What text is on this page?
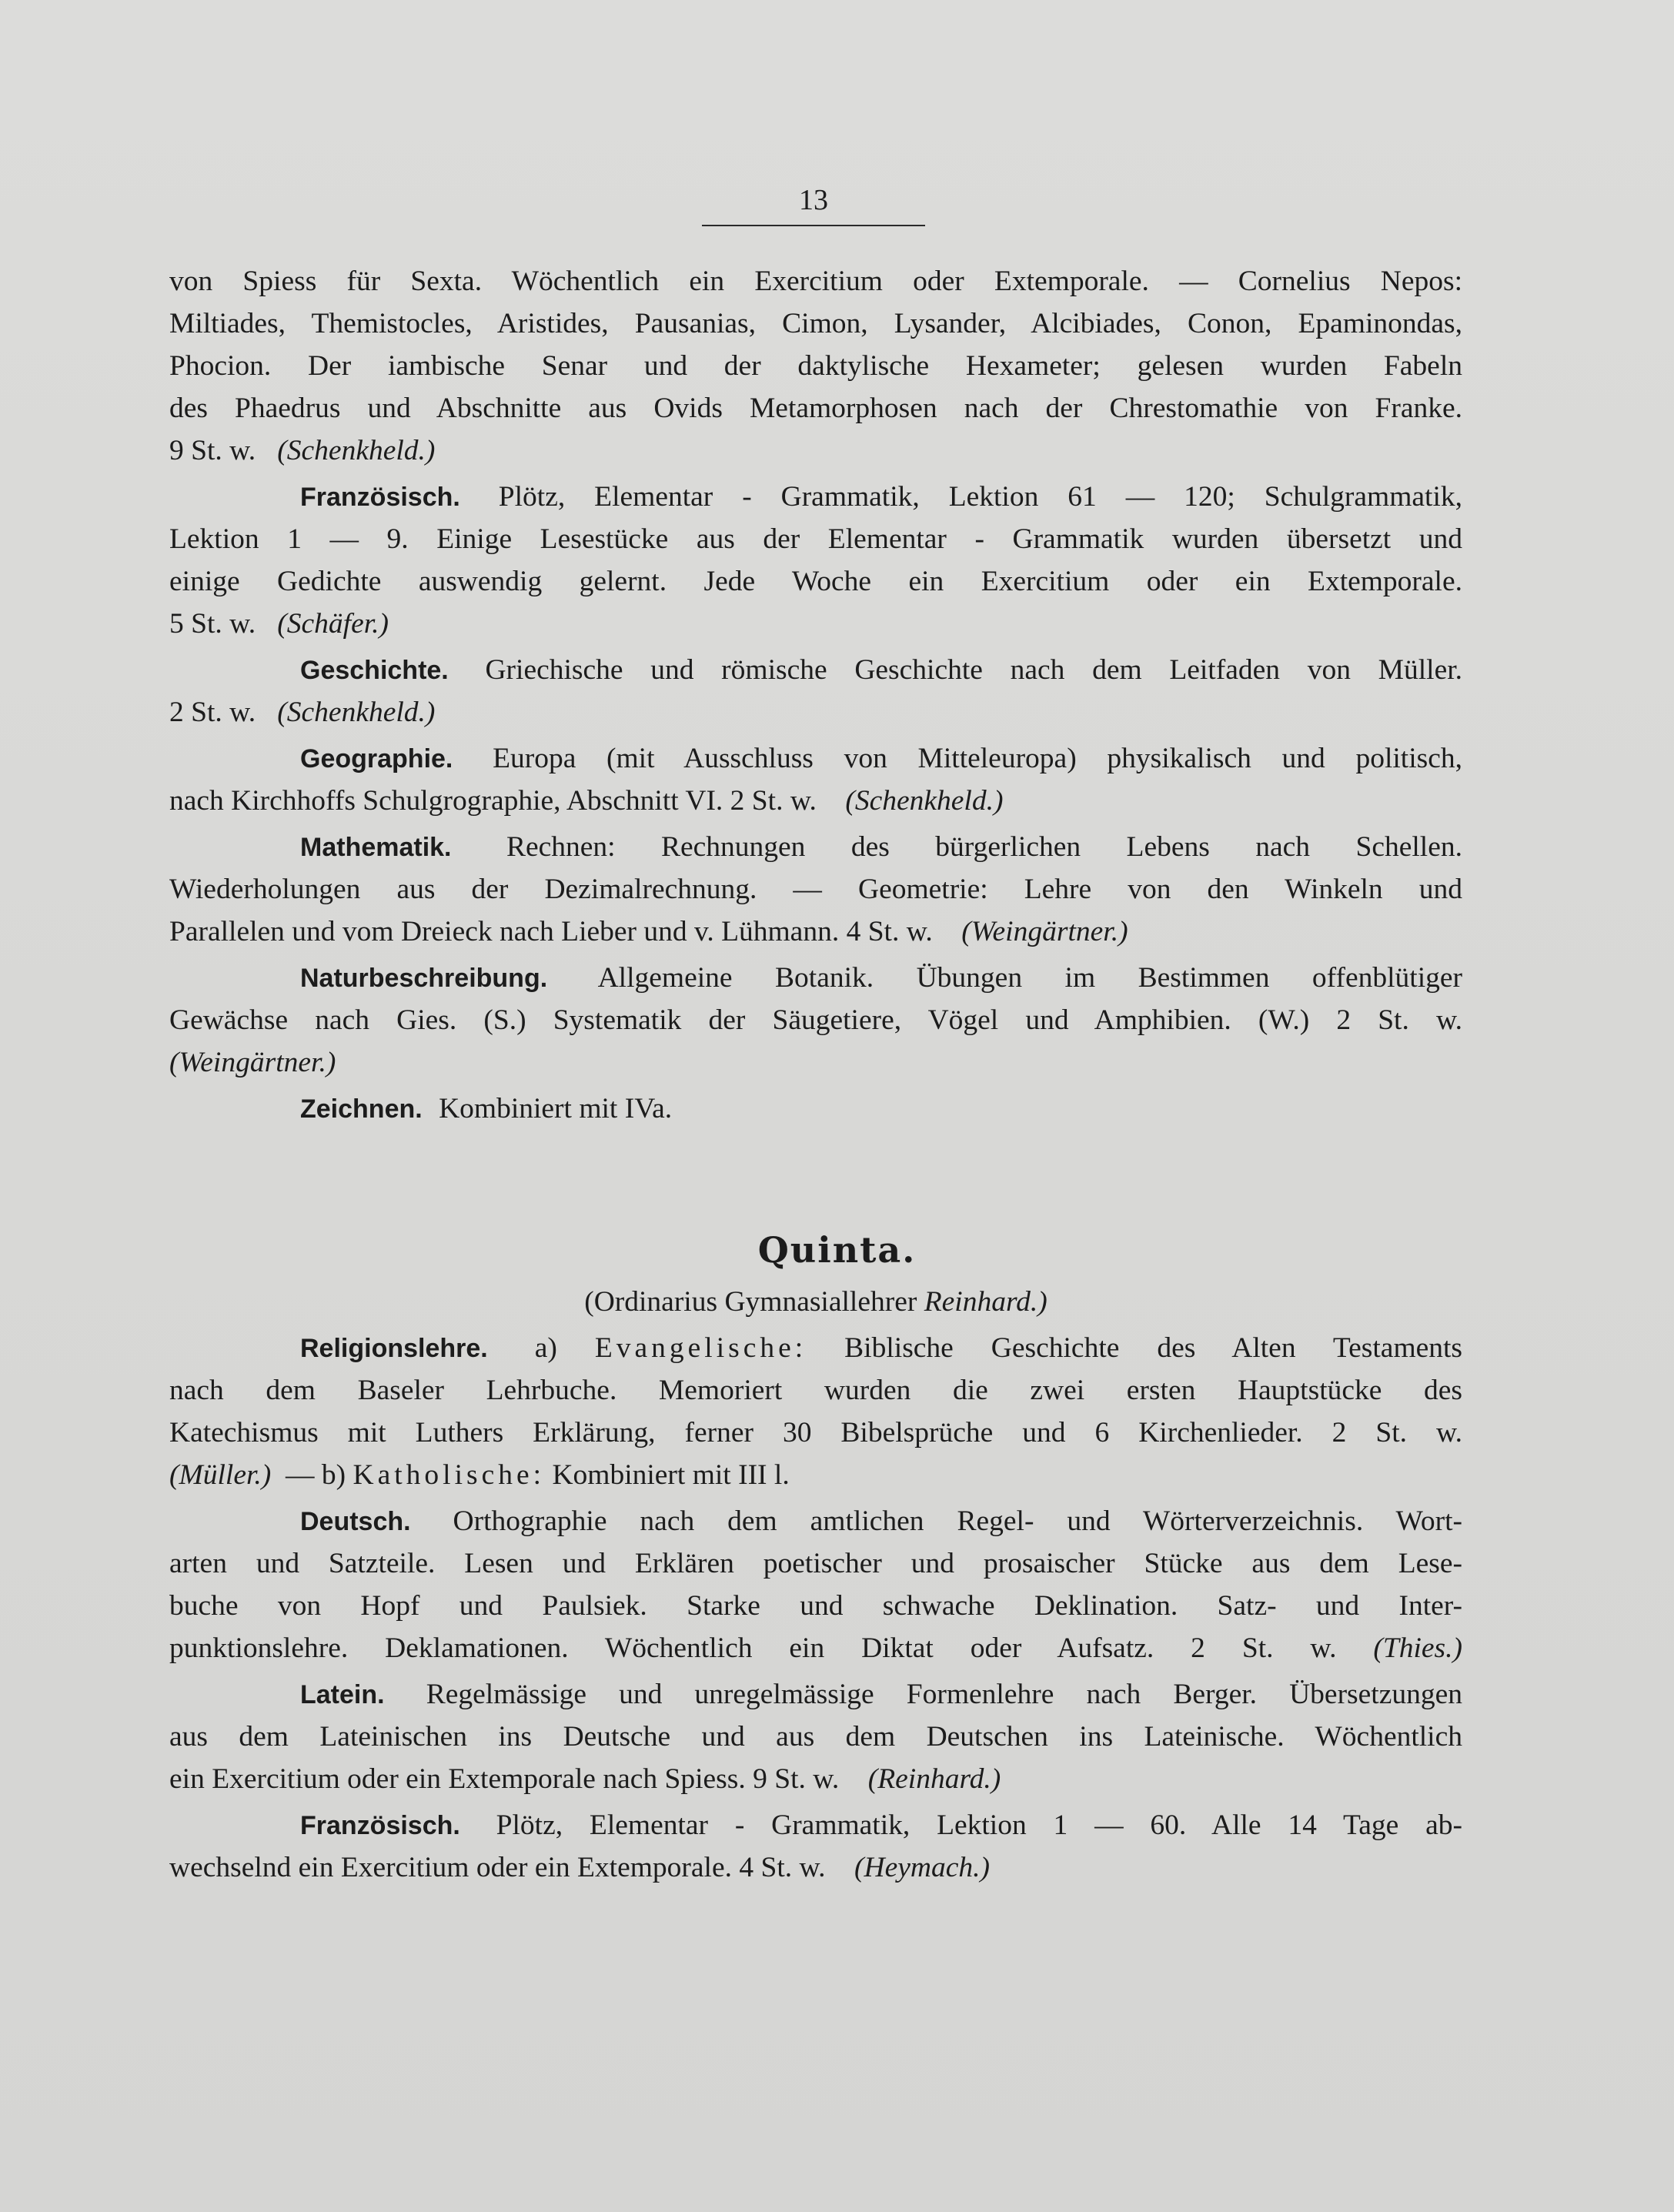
13
von Spiess für Sexta. Wöchentlich ein Exercitium oder Extemporale. — Cornelius Nepos:
Miltiades, Themistocles, Aristides, Pausanias, Cimon, Lysander, Alcibiades, Conon, Epaminondas,
Phocion. Der iambische Senar und der daktylische Hexameter; gelesen wurden Fabeln
des Phaedrus und Abschnitte aus Ovids Metamorphosen nach der Chrestomathie von Franke.
9 St. w. (Schenkheld.)
Französisch. Plötz, Elementar - Grammatik, Lektion 61 — 120; Schulgrammatik,
Lektion 1 — 9. Einige Lesestücke aus der Elementar - Grammatik wurden übersetzt und
einige Gedichte auswendig gelernt. Jede Woche ein Exercitium oder ein Extemporale.
5 St. w. (Schäfer.)
Geschichte. Griechische und römische Geschichte nach dem Leitfaden von Müller.
2 St. w. (Schenkheld.)
Geographie. Europa (mit Ausschluss von Mitteleuropa) physikalisch und politisch,
nach Kirchhoffs Schulgrographie, Abschnitt VI. 2 St. w. (Schenkheld.)
Mathematik. Rechnen: Rechnungen des bürgerlichen Lebens nach Schellen.
Wiederholungen aus der Dezimalrechnung. — Geometrie: Lehre von den Winkeln und
Parallelen und vom Dreieck nach Lieber und v. Lühmann. 4 St. w. (Weingärtner.)
Naturbeschreibung. Allgemeine Botanik. Übungen im Bestimmen offenblütiger
Gewächse nach Gies. (S.) Systematik der Säugetiere, Vögel und Amphibien. (W.) 2 St. w.
(Weingärtner.)
Zeichnen. Kombiniert mit IVa.
Quinta.
(Ordinarius Gymnasiallehrer Reinhard.)
Religionslehre. a) Evangelische: Biblische Geschichte des Alten Testaments
nach dem Baseler Lehrbuche. Memoriert wurden die zwei ersten Hauptstücke des
Katechismus mit Luthers Erklärung, ferner 30 Bibelsprüche und 6 Kirchenlieder. 2 St. w.
(Müller.) — b) Katholische: Kombiniert mit III l.
Deutsch. Orthographie nach dem amtlichen Regel- und Wörterverzeichnis. Wort-
arten und Satzteile. Lesen und Erklären poetischer und prosaischer Stücke aus dem Lese-
buche von Hopf und Paulsiek. Starke und schwache Deklination. Satz- und Inter-
punktionslehre. Deklamationen. Wöchentlich ein Diktat oder Aufsatz. 2 St. w. (Thies.)
Latein. Regelmässige und unregelmässige Formenlehre nach Berger. Übersetzungen
aus dem Lateinischen ins Deutsche und aus dem Deutschen ins Lateinische. Wöchentlich
ein Exercitium oder ein Extemporale nach Spiess. 9 St. w. (Reinhard.)
Französisch. Plötz, Elementar - Grammatik, Lektion 1 — 60. Alle 14 Tage ab-
wechselnd ein Exercitium oder ein Extemporale. 4 St. w. (Heymach.)
